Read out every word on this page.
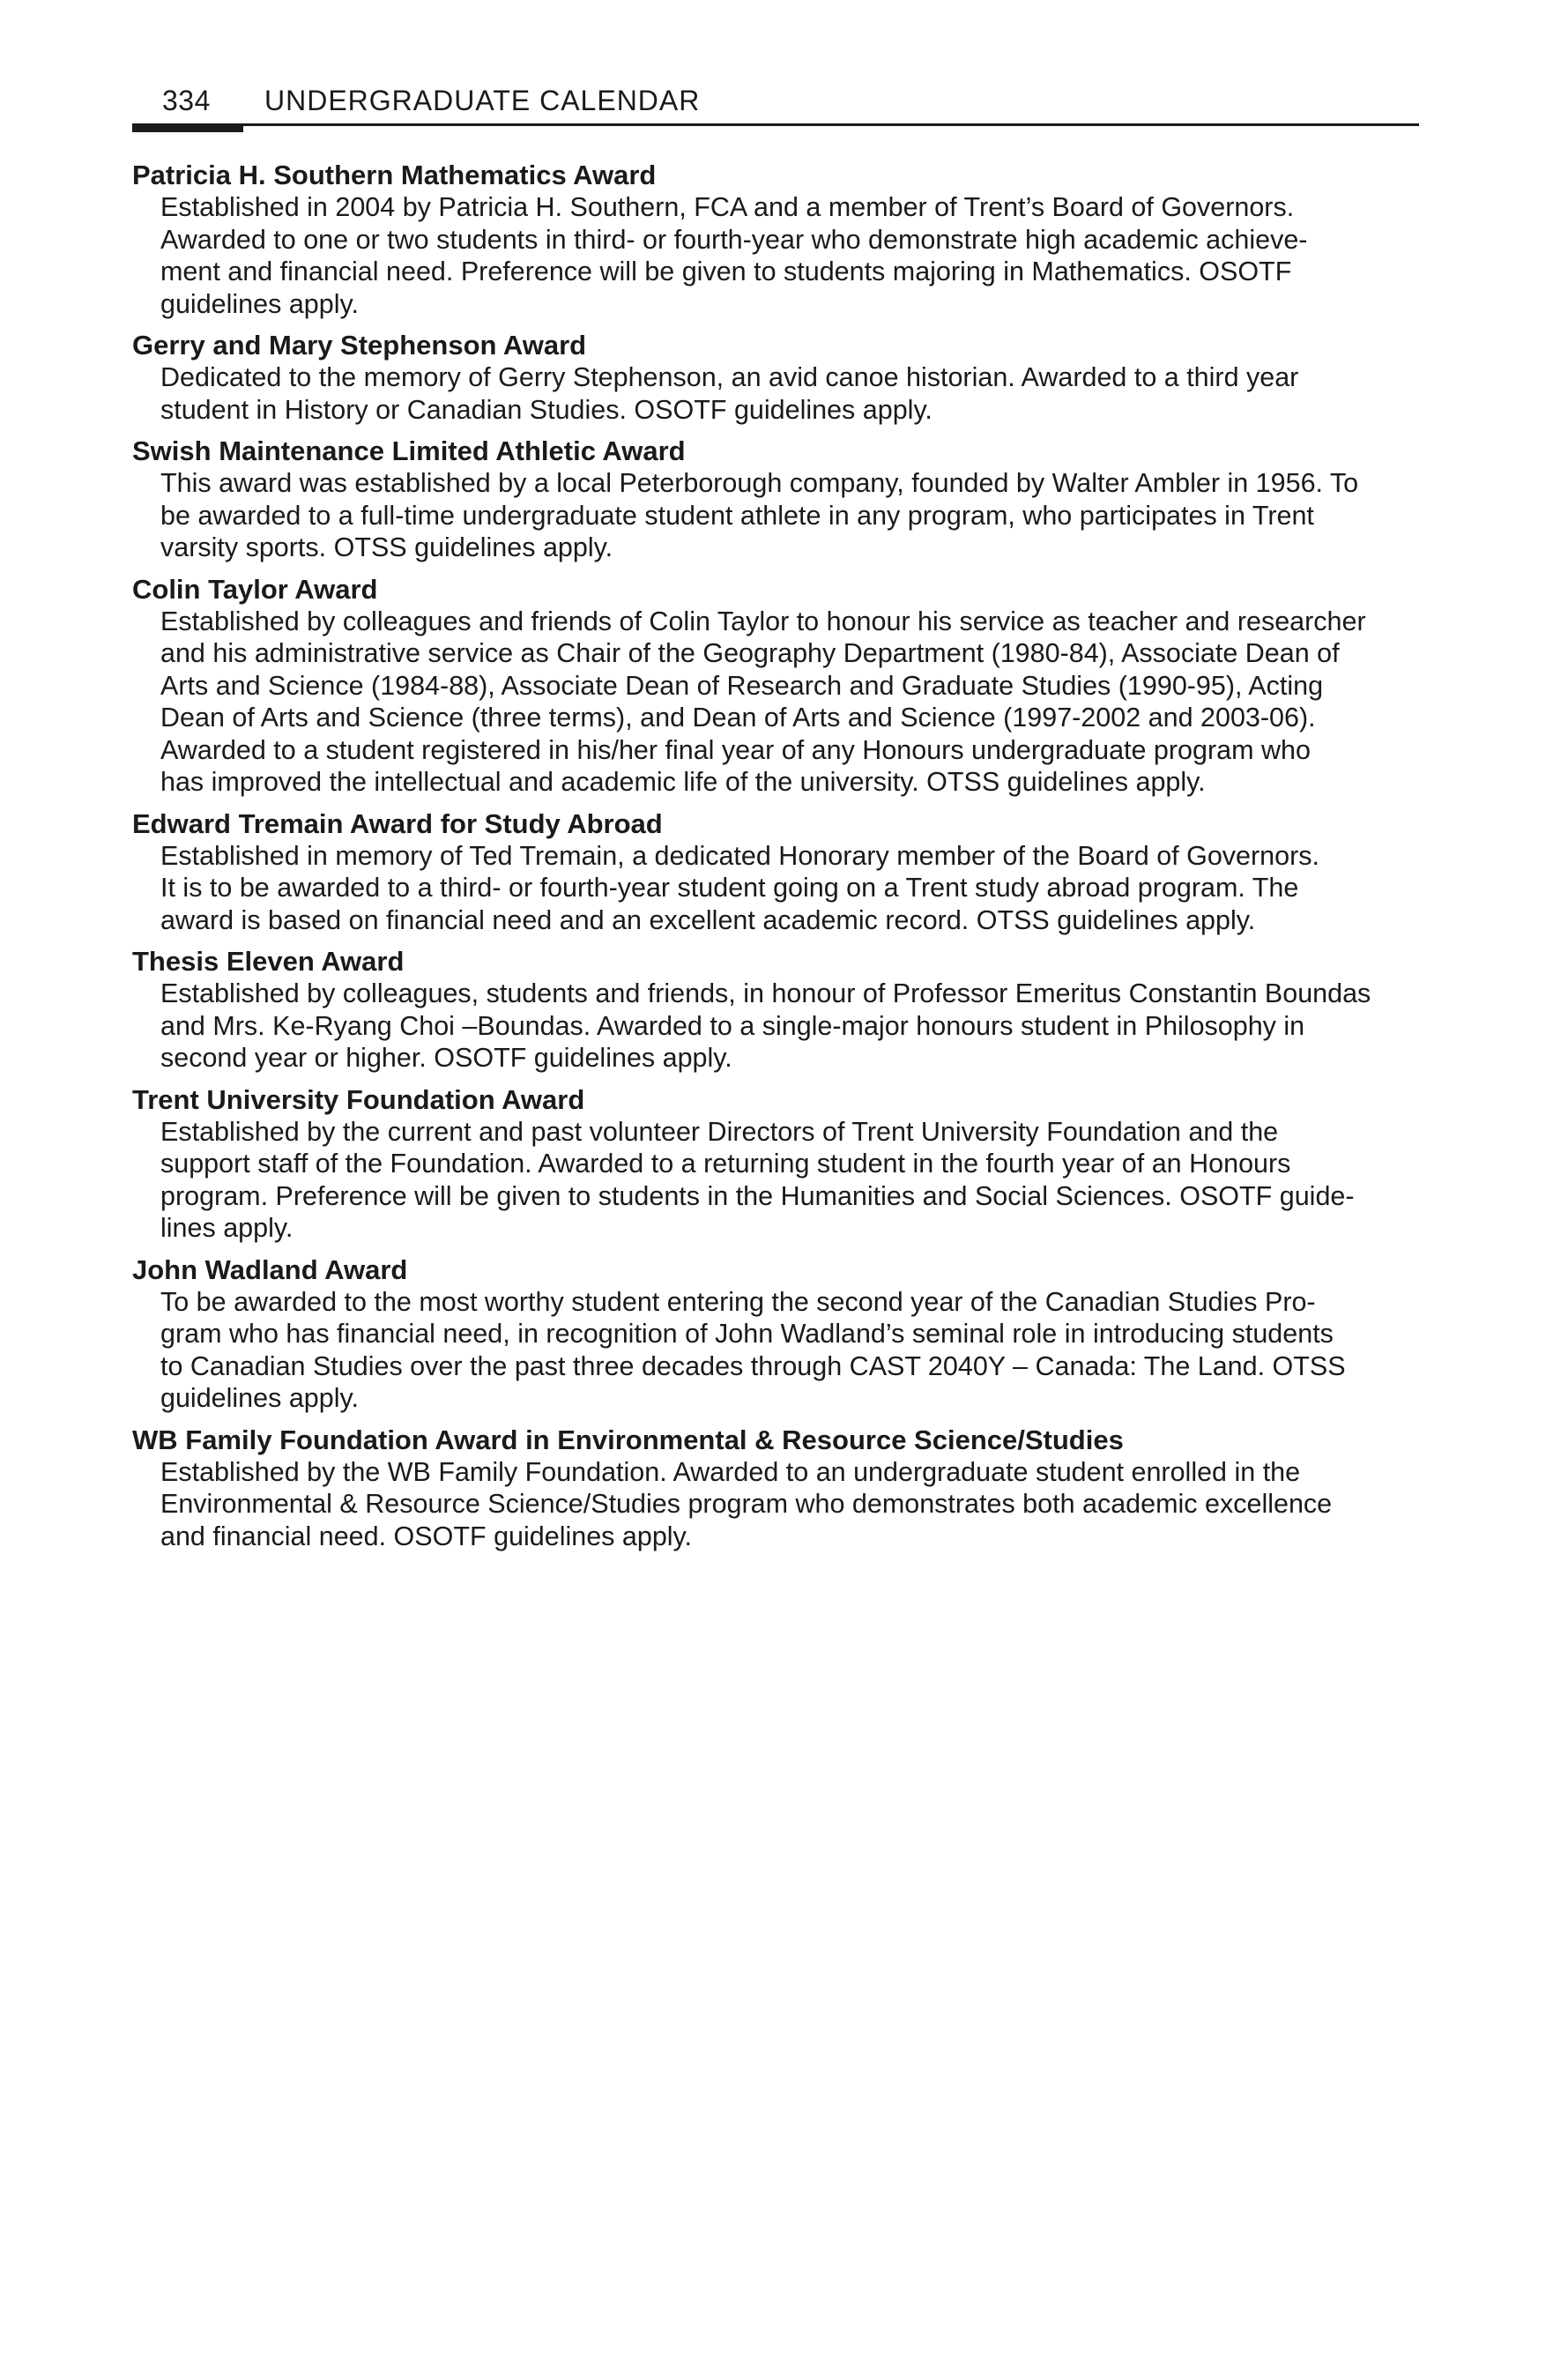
334 UNDERGRADUATE CALENDAR

Patricia H. Southern Mathematics Award

Established in 2004 by Patricia H. Southern, FCA and a member of Trent’s Board of Governors.
Awarded to one or two students in third- or fourth-year who demonstrate high academic achieve-
ment and financial need. Preference will be given to students majoring in Mathematics. OSOTF
guidelines apply.

Gerry and Mary Stephenson Award

Dedicated to the memory of Gerry Stephenson, an avid canoe historian. Awarded to a third year
student in History or Canadian Studies. OSOTF guidelines apply.

Swish Maintenance Limited Athletic Award

This award was established by a local Peterborough company, founded by Walter Ambler in 1956. To
be awarded to a full-time undergraduate student athlete in any program, who participates in Trent
varsity sports. OTSS guidelines apply.

Colin Taylor Award

Established by colleagues and friends of Colin Taylor to honour his service as teacher and researcher
and his administrative service as Chair of the Geography Department (1980-84), Associate Dean of
Arts and Science (1984-88), Associate Dean of Research and Graduate Studies (1990-95), Acting
Dean of Arts and Science (three terms), and Dean of Arts and Science (1997-2002 and 2003-06).
Awarded to a student registered in his/her final year of any Honours undergraduate program who
has improved the intellectual and academic life of the university. OTSS guidelines apply.

Edward Tremain Award for Study Abroad

Established in memory of Ted Tremain, a dedicated Honorary member of the Board of Governors.
It is to be awarded to a third- or fourth-year student going on a Trent study abroad program. The
award is based on financial need and an excellent academic record. OTSS guidelines apply.

Thesis Eleven Award

Established by colleagues, students and friends, in honour of Professor Emeritus Constantin Boundas
and Mrs. Ke-Ryang Choi –Boundas. Awarded to a single-major honours student in Philosophy in
second year or higher. OSOTF guidelines apply.

Trent University Foundation Award

Established by the current and past volunteer Directors of Trent University Foundation and the
support staff of the Foundation. Awarded to a returning student in the fourth year of an Honours
program. Preference will be given to students in the Humanities and Social Sciences. OSOTF guide-
lines apply.

John Wadland Award

To be awarded to the most worthy student entering the second year of the Canadian Studies Pro-
gram who has financial need, in recognition of John Wadland’s seminal role in introducing students
to Canadian Studies over the past three decades through CAST 2040Y – Canada: The Land. OTSS
guidelines apply.

WB Family Foundation Award in Environmental & Resource Science/Studies

Established by the WB Family Foundation. Awarded to an undergraduate student enrolled in the
Environmental & Resource Science/Studies program who demonstrates both academic excellence
and financial need. OSOTF guidelines apply.
